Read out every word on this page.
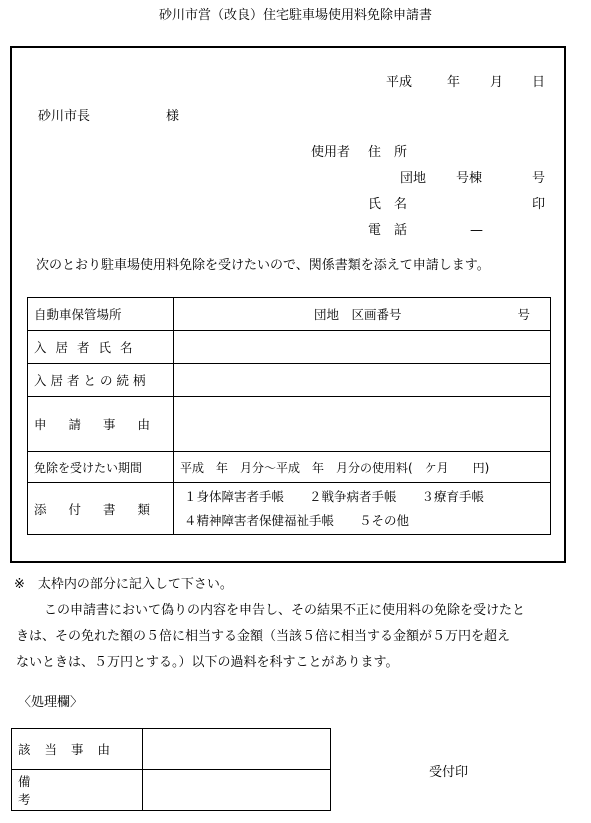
砂川市営（改良）住宅駐車場使用料免除申請書
平成	年 月 日
砂川市長	様
使用者 住　所
団地 号棟	号
氏　名	印
電　話	—
次のとおり駐車場使用料免除を受けたいので、関係書類を添えて申請します。
自動車保管場所	団地　区画番号 号

入居者氏名	
入居者との続柄	
申請事由	
免除を受けたい期間	平成　年　月分～平成　年　月分の使用料(　ケ月　　円)
添付書類	１身体障害者手帳　　２戦争病者手帳　　３療育手帳
４精神障害者保健福祉手帳　　５その他
※　太枠内の部分に記入して下さい。
この申請書において偽りの内容を申告し、その結果不正に使用料の免除を受けたと
きは、その免れた額の５倍に相当する金額（当該５倍に相当する金額が５万円を超え
ないときは、５万円とする。）以下の過料を科すことがあります。
〈処理欄〉
該当事由	
備考	
受付印
